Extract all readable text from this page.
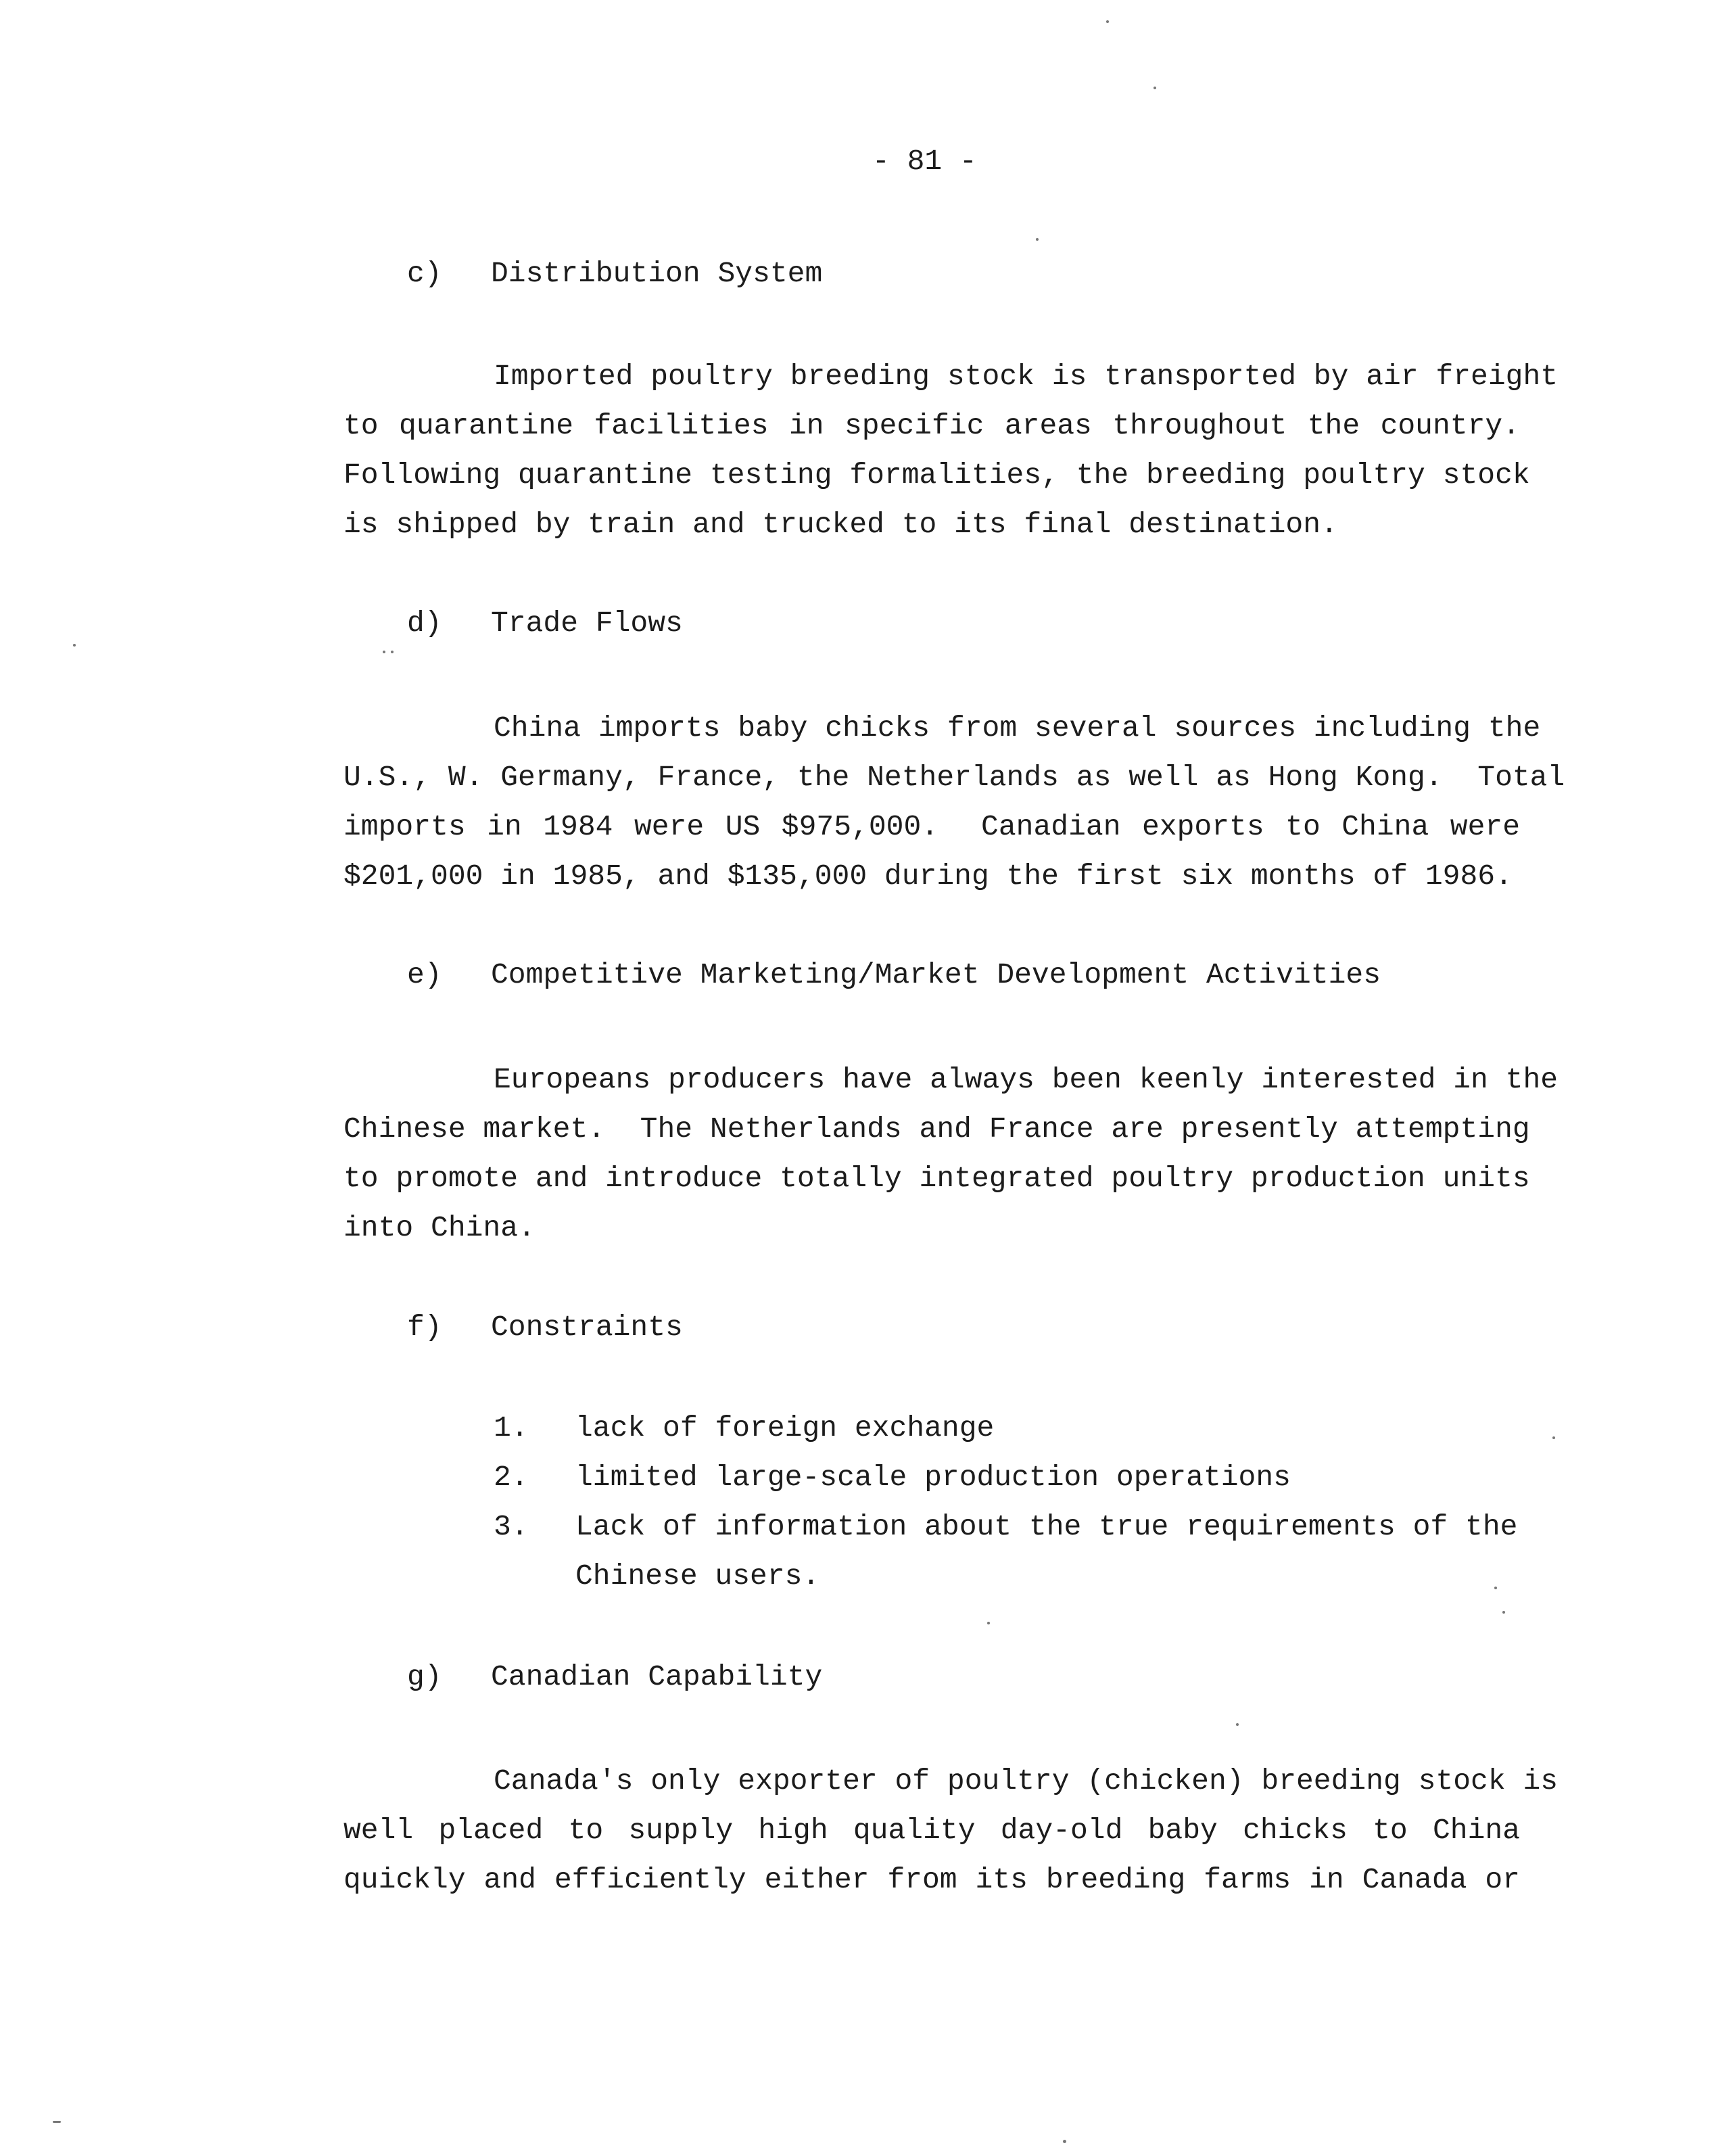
- 81 -

c)

Distribution System

Imported poultry breeding stock is transported by air freight
to quarantine facilities in specific areas throughout the country.
Following quarantine testing formalities, the breeding poultry stock
is shipped by train and trucked to its final destination.

d)

Trade Flows

China imports baby chicks from several sources including the
U.S., W. Germany, France, the Netherlands as well as Hong Kong.  Total
imports in 1984 were US $975,000.  Canadian exports to China were
$201,000 in 1985, and $135,000 during the first six months of 1986.

e)

Competitive Marketing/Market Development Activities

Europeans producers have always been keenly interested in the
Chinese market.  The Netherlands and France are presently attempting
to promote and introduce totally integrated poultry production units
into China.

f)

Constraints

1. lack of foreign exchange
2. limited large-scale production operations
3. Lack of information about the true requirements of the
Chinese users.

g)

Canadian Capability

Canada's only exporter of poultry (chicken) breeding stock is
well placed to supply high quality day-old baby chicks to China
quickly and efficiently either from its breeding farms in Canada or
